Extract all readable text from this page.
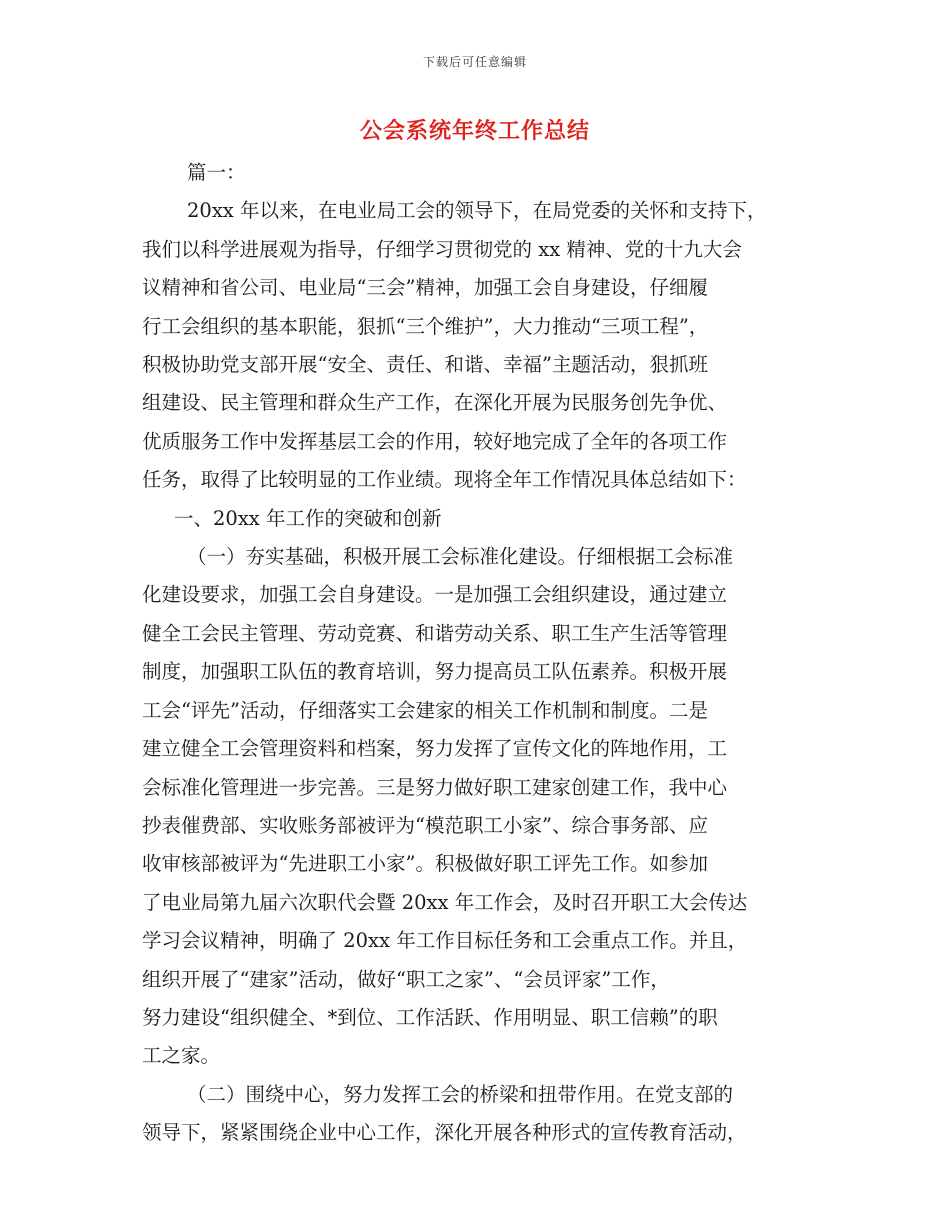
下载后可任意编辑
公会系统年终工作总结

篇一：

20xx 年以来，在电业局工会的领导下，在局党委的关怀和支持下，
我们以科学进展观为指导，仔细学习贯彻党的 xx 精神、党的十九大会
议精神和省公司、电业局“三会”精神，加强工会自身建设，仔细履
行工会组织的基本职能，狠抓“三个维护”，大力推动“三项工程”，
积极协助党支部开展“安全、责任、和谐、幸福”主题活动，狠抓班
组建设、民主管理和群众生产工作，在深化开展为民服务创先争优、
优质服务工作中发挥基层工会的作用，较好地完成了全年的各项工作
任务，取得了比较明显的工作业绩。现将全年工作情况具体总结如下：

一、20xx 年工作的突破和创新

（一）夯实基础，积极开展工会标准化建设。仔细根据工会标准
化建设要求，加强工会自身建设。一是加强工会组织建设，通过建立
健全工会民主管理、劳动竞赛、和谐劳动关系、职工生产生活等管理
制度，加强职工队伍的教育培训，努力提高员工队伍素养。积极开展
工会“评先”活动，仔细落实工会建家的相关工作机制和制度。二是
建立健全工会管理资料和档案，努力发挥了宣传文化的阵地作用，工
会标准化管理进一步完善。三是努力做好职工建家创建工作，我中心
抄表催费部、实收账务部被评为“模范职工小家”、综合事务部、应
收审核部被评为“先进职工小家”。积极做好职工评先工作。如参加
了电业局第九届六次职代会暨 20xx 年工作会，及时召开职工大会传达
学习会议精神，明确了 20xx 年工作目标任务和工会重点工作。并且，
组织开展了“建家”活动，做好“职工之家”、“会员评家”工作，
努力建设“组织健全、*到位、工作活跃、作用明显、职工信赖”的职
工之家。

（二）围绕中心，努力发挥工会的桥梁和扭带作用。在党支部的
领导下，紧紧围绕企业中心工作，深化开展各种形式的宣传教育活动，
